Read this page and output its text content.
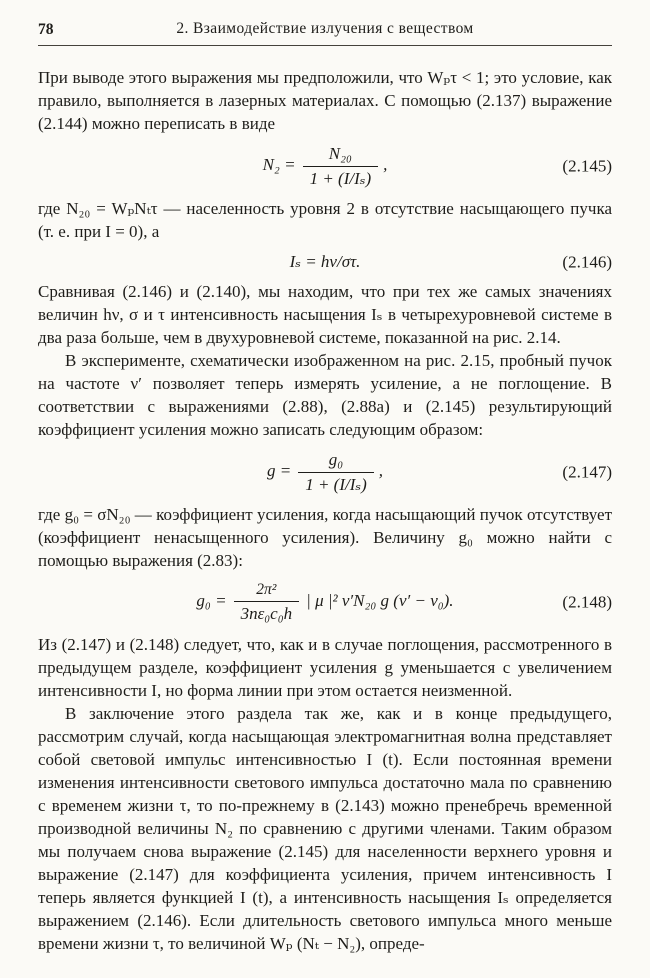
78	2. Взаимодействие излучения с веществом

При выводе этого выражения мы предположили, что Wₚτ < 1; это условие, как правило, выполняется в лазерных материалах. С помощью (2.137) выражение (2.144) можно переписать в виде

$N_2 = \frac{\text{N₂₀}}{\text{1 + (I/Iₛ)}}$ ,	(2.145)

где N₂₀ = WₚNₜτ — населенность уровня 2 в отсутствие насыщающего пучка (т. е. при I = 0), а

Iₛ = hν/στ.	(2.146)

Сравнивая (2.146) и (2.140), мы находим, что при тех же самых значениях величин hν, σ и τ интенсивность насыщения Iₛ в четырехуровневой системе в два раза больше, чем в двухуровневой системе, показанной на рис. 2.14.

В эксперименте, схематически изображенном на рис. 2.15, пробный пучок на частоте ν′ позволяет теперь измерять усиление, а не поглощение. В соответствии с выражениями (2.88), (2.88а) и (2.145) результирующий коэффициент усиления можно записать следующим образом:

$g = \frac{\text{g₀}}{\text{1 + (I/Iₛ)}}$ ,	(2.147)

где g₀ = σN₂₀ — коэффициент усиления, когда насыщающий пучок отсутствует (коэффициент ненасыщенного усиления). Величину g₀ можно найти с помощью выражения (2.83):

$g_0 = \frac{\text{2π²}}{\text{3nε₀c₀h}}$ | μ |² ν′N₂₀ g (ν′ − ν₀).	(2.148)

Из (2.147) и (2.148) следует, что, как и в случае поглощения, рассмотренного в предыдущем разделе, коэффициент усиления g уменьшается с увеличением интенсивности I, но форма линии при этом остается неизменной.

В заключение этого раздела так же, как и в конце предыдущего, рассмотрим случай, когда насыщающая электромагнитная волна представляет собой световой импульс интенсивностью I (t). Если постоянная времени изменения интенсивности светового импульса достаточно мала по сравнению с временем жизни τ, то по-прежнему в (2.143) можно пренебречь временной производной величины N₂ по сравнению с другими членами. Таким образом мы получаем снова выражение (2.145) для населенности верхнего уровня и выражение (2.147) для коэффициента усиления, причем интенсивность I теперь является функцией I (t), а интенсивность насыщения Iₛ определяется выражением (2.146). Если длительность светового импульса много меньше времени жизни τ, то величиной Wₚ (Nₜ − N₂), опреде-
